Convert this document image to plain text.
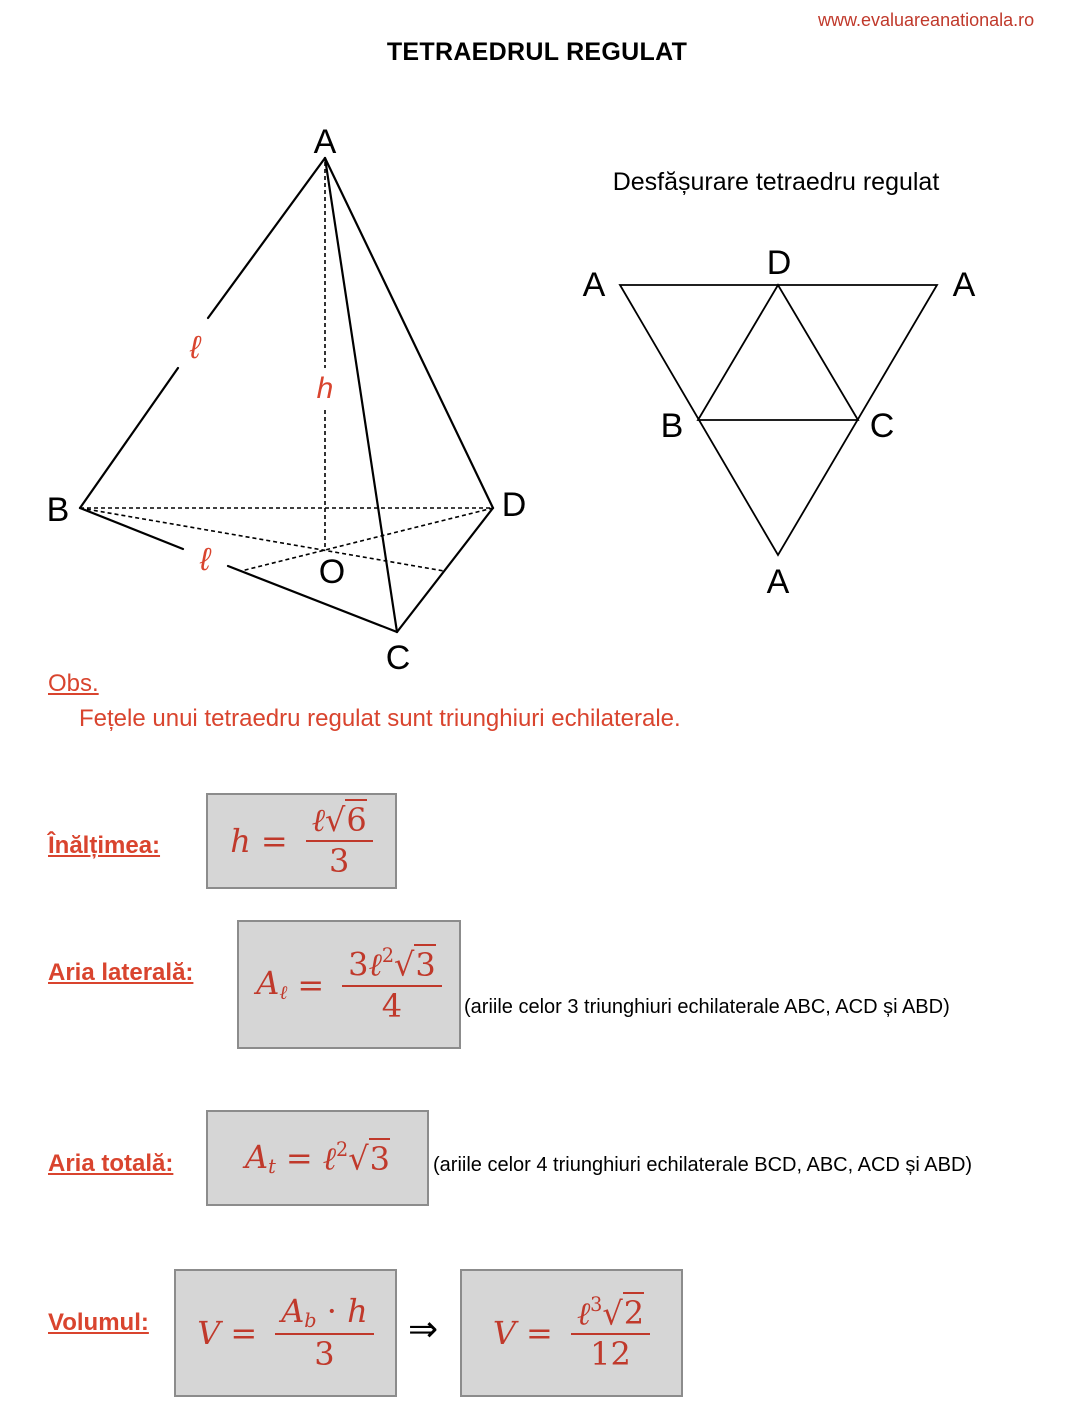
www.evaluareanationala.ro
TETRAEDRUL REGULAT
A
B	D
C
O
ℓ
ℓ
h
Desfășurare tetraedru regulat
A
D
A
B	C
A
Obs.
Fețele unui tetraedru regulat sunt triunghiuri echilaterale.
Înălțimea: $h = \frac{\text{ℓ√6}}{3}$
Aria laterală: $A_\ell = \frac{3\ell^2√3}{4}$ (ariile celor 3 triunghiuri echilaterale ABC, ACD și ABD)
Aria totală: $A_t$ = ℓ$^2$√3 (ariile celor 4 triunghiuri echilaterale BCD, ABC, ACD și ABD)
Volumul: $V = \frac{A_b \cdot h}{3}$ ⇒ $V = \frac{\ell^3√2}{12}$
